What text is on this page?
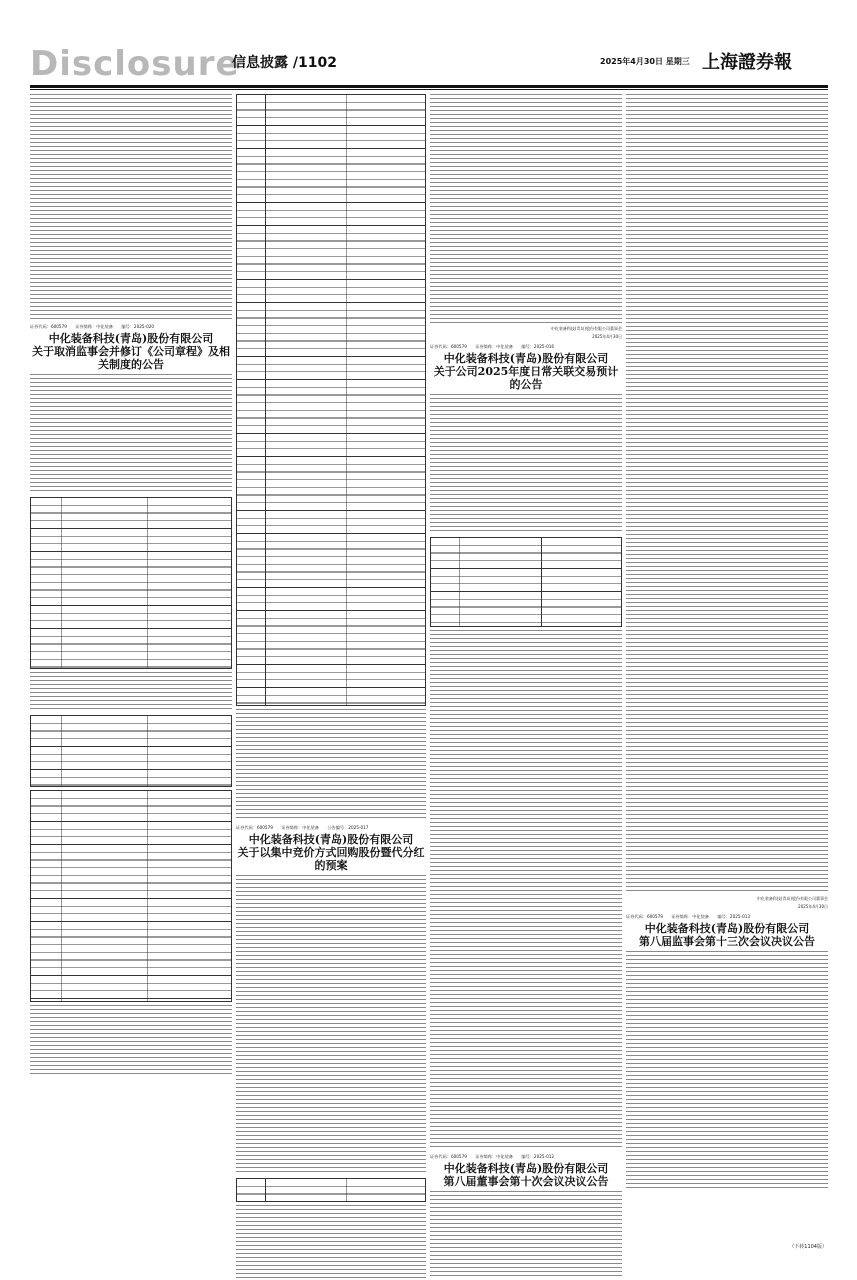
Disclosure
信息披露 /1102	2025年4月30日 星期三 上海證券報
证券代码：600579　　证券简称：中化装备　　编号：2025-020
中化装备科技(青岛)股份有限公司
关于取消监事会并修订《公司章程》及相关制度的公告
证券代码：600579　　证券简称：中化装备　　公告编号：2025-017
中化装备科技(青岛)股份有限公司
关于以集中竞价方式回购股份暨代分红的预案
中化装备科技(青岛)股份有限公司董事会
2025年4月30日
证券代码：600579　　证券简称：中化装备　　编号：2025-016
中化装备科技(青岛)股份有限公司
关于公司2025年度日常关联交易预计的公告
证券代码：600579　　证券简称：中化装备　　编号：2025-012
中化装备科技(青岛)股份有限公司
第八届董事会第十次会议决议公告
中化装备科技(青岛)股份有限公司董事会
2025年4月30日
证券代码：600579　　证券简称：中化装备　　编号：2025-013
中化装备科技(青岛)股份有限公司
第八届监事会第十三次会议决议公告
（下转1104版）
